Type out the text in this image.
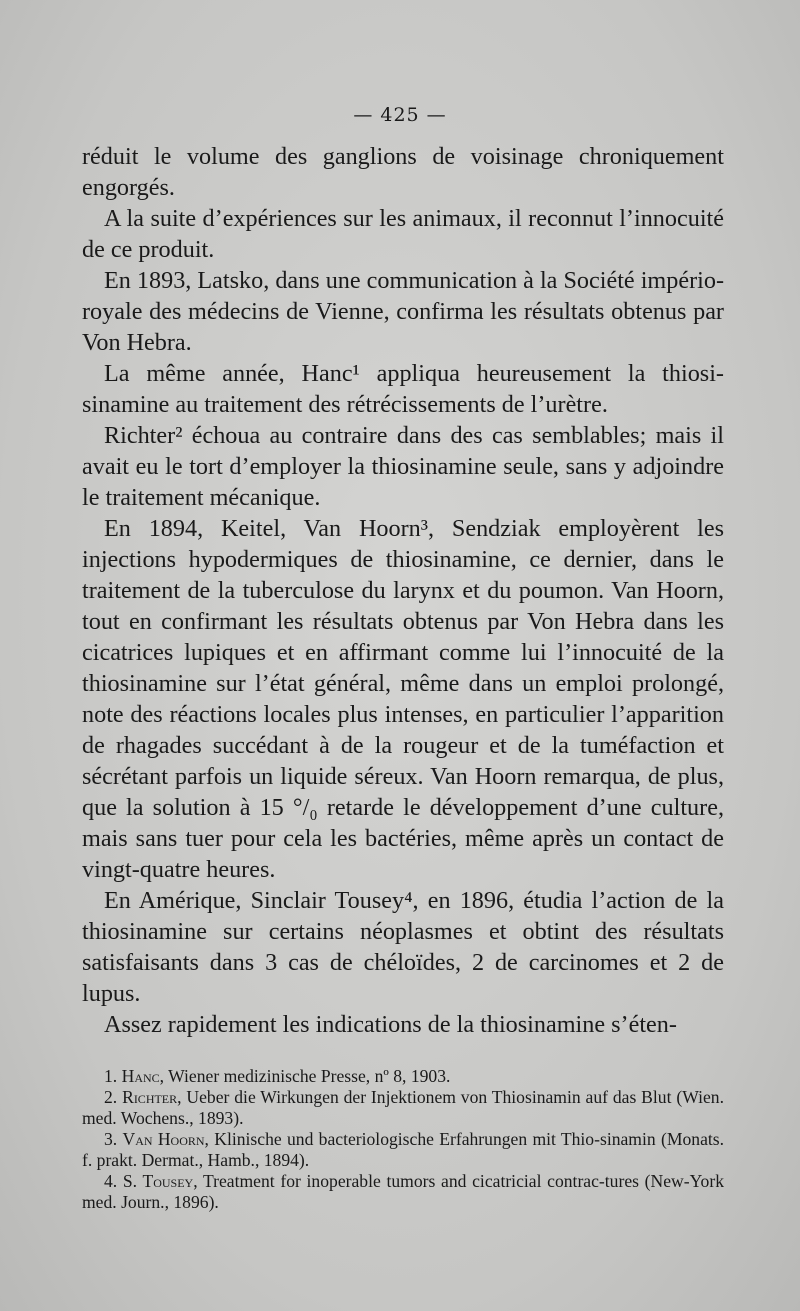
— 425 —

réduit le volume des ganglions de voisinage chroniquement engorgés.

A la suite d’expériences sur les animaux, il reconnut l’innocuité de ce produit.

En 1893, Latsko, dans une communication à la Société império-royale des médecins de Vienne, confirma les résultats obtenus par Von Hebra.

La même année, Hanc¹ appliqua heureusement la thiosi-sinamine au traitement des rétrécissements de l’urètre.

Richter² échoua au contraire dans des cas semblables; mais il avait eu le tort d’employer la thiosinamine seule, sans y adjoindre le traitement mécanique.

En 1894, Keitel, Van Hoorn³, Sendziak employèrent les injections hypodermiques de thiosinamine, ce dernier, dans le traitement de la tuberculose du larynx et du poumon. Van Hoorn, tout en confirmant les résultats obtenus par Von Hebra dans les cicatrices lupiques et en affirmant comme lui l’innocuité de la thiosinamine sur l’état général, même dans un emploi prolongé, note des réactions locales plus intenses, en particulier l’apparition de rhagades succédant à de la rougeur et de la tuméfaction et sécrétant parfois un liquide séreux. Van Hoorn remarqua, de plus, que la solution à 15 °/₀ retarde le développement d’une culture, mais sans tuer pour cela les bactéries, même après un contact de vingt-quatre heures.

En Amérique, Sinclair Tousey⁴, en 1896, étudia l’action de la thiosinamine sur certains néoplasmes et obtint des résultats satisfaisants dans 3 cas de chéloïdes, 2 de carcinomes et 2 de lupus.

Assez rapidement les indications de la thiosinamine s’éten-

1. Hanc, Wiener medizinische Presse, nº 8, 1903.

2. Richter, Ueber die Wirkungen der Injektionem von Thiosinamin auf das Blut (Wien. med. Wochens., 1893).

3. Van Hoorn, Klinische und bacteriologische Erfahrungen mit Thio-sinamin (Monats. f. prakt. Dermat., Hamb., 1894).

4. S. Tousey, Treatment for inoperable tumors and cicatricial contrac-tures (New-York med. Journ., 1896).
